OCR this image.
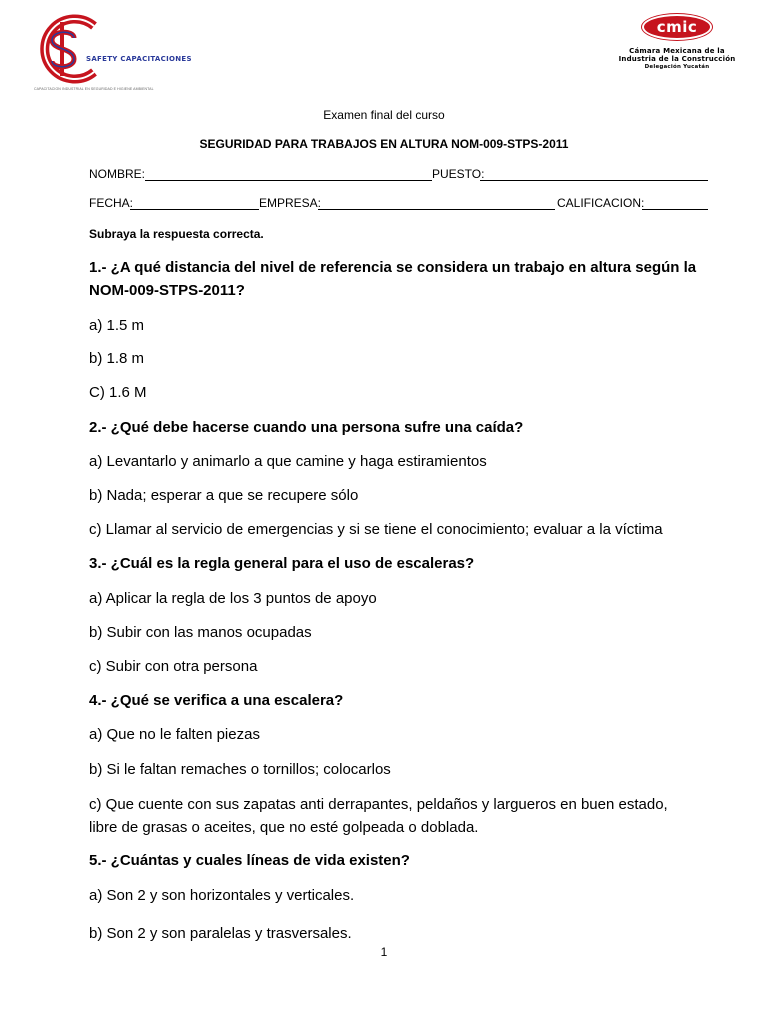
SAFETY CAPACITACIONES
CAPACITACION INDUSTRIAL EN SEGURIDAD E HIGIENE AMBIENTAL
cmic
Cámara Mexicana de la
Industria de la Construcción
Delegación Yucatán
Examen final del curso
SEGURIDAD PARA TRABAJOS EN ALTURA NOM-009-STPS-2011
NOMBRE:	PUESTO:
FECHA:	EMPRESA:	CALIFICACION:
Subraya la respuesta correcta.
1.- ¿A qué distancia del nivel de referencia se considera un trabajo en altura según la
NOM-009-STPS-2011?
a) 1.5 m
b) 1.8 m
C) 1.6 M
2.- ¿Qué debe hacerse cuando una persona sufre una caída?
a) Levantarlo y animarlo a que camine y haga estiramientos
b) Nada; esperar a que se recupere sólo
c) Llamar al servicio de emergencias y si se tiene el conocimiento; evaluar a la víctima
3.- ¿Cuál es la regla general para el uso de escaleras?
a) Aplicar la regla de los 3 puntos de apoyo
b) Subir con las manos ocupadas
c) Subir con otra persona
4.- ¿Qué se verifica a una escalera?
a) Que no le falten piezas
b) Si le faltan remaches o tornillos; colocarlos
c) Que cuente con sus zapatas anti derrapantes, peldaños y largueros en buen estado,
libre de grasas o aceites, que no esté golpeada o doblada.
5.- ¿Cuántas y cuales líneas de vida existen?
a) Son 2 y son horizontales y verticales.
b) Son 2 y son paralelas y trasversales.
1
